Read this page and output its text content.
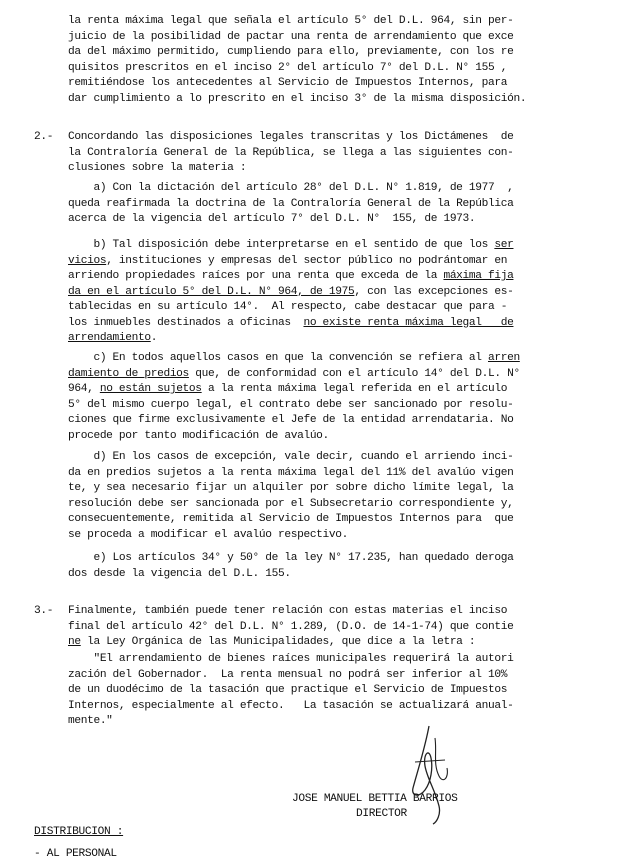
la renta máxima legal que señala el artículo 5° del D.L. 964, sin per-
juicio de la posibilidad de pactar una renta de arrendamiento que exce
da del máximo permitido, cumpliendo para ello, previamente, con los re
quisitos prescritos en el inciso 2° del artículo 7° del D.L. N° 155 ,
remitiéndose los antecedentes al Servicio de Impuestos Internos, para
dar cumplimiento a lo prescrito en el inciso 3° de la misma disposición.
2.- Concordando las disposiciones legales transcritas y los Dictámenes  de
la Contraloría General de la República, se llega a las siguientes con-
clusiones sobre la materia :
a) Con la dictación del artículo 28° del D.L. N° 1.819, de 1977  ,
queda reafirmada la doctrina de la Contraloría General de la República
acerca de la vigencia del artículo 7° del D.L. N°  155, de 1973.
b) Tal disposición debe interpretarse en el sentido de que los ser
vicios, instituciones y empresas del sector público no podrántomar en
arriendo propiedades raíces por una renta que exceda de la máxima fija
da en el artículo 5° del D.L. N° 964, de 1975, con las excepciones es-
tablecidas en su artículo 14°.  Al respecto, cabe destacar que para -
los inmuebles destinados a oficinas  no existe renta máxima legal   de
arrendamiento.
c) En todos aquellos casos en que la convención se refiera al arren
damiento de predios que, de conformidad con el artículo 14° del D.L. N°
964, no están sujetos a la renta máxima legal referida en el artículo
5° del mismo cuerpo legal, el contrato debe ser sancionado por resolu-
ciones que firme exclusivamente el Jefe de la entidad arrendataria. No
procede por tanto modificación de avalúo.
d) En los casos de excepción, vale decir, cuando el arriendo inci-
da en predios sujetos a la renta máxima legal del 11% del avalúo vigen
te, y sea necesario fijar un alquiler por sobre dicho límite legal, la
resolución debe ser sancionada por el Subsecretario correspondiente y,
consecuentemente, remitida al Servicio de Impuestos Internos para  que
se proceda a modificar el avalúo respectivo.
e) Los artículos 34° y 50° de la ley N° 17.235, han quedado deroga
dos desde la vigencia del D.L. 155.
3.- Finalmente, también puede tener relación con estas materias el inciso
final del artículo 42° del D.L. N° 1.289, (D.O. de 14-1-74) que contie
ne la Ley Orgánica de las Municipalidades, que dice a la letra :
"El arrendamiento de bienes raíces municipales requerirá la autori
zación del Gobernador.  La renta mensual no podrá ser inferior al 10%
de un duodécimo de la tasación que practique el Servicio de Impuestos
Internos, especialmente al efecto.   La tasación se actualizará anual-
mente."
JOSE MANUEL BETTIA BARRIOS
DIRECTOR
DISTRIBUCION :
- AL PERSONAL
